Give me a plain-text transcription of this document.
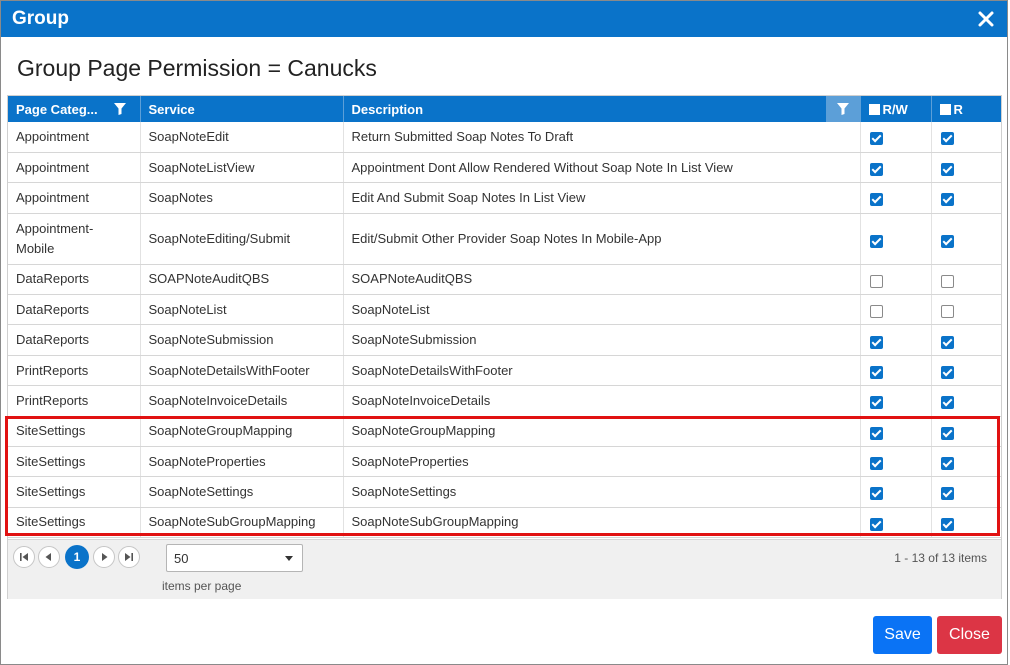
Group
Group Page Permission = Canucks
Page Categ...	Service	Description	R/W	R
Appointment	SoapNoteEdit	Return Submitted Soap Notes To Draft		
Appointment	SoapNoteListView	Appointment Dont Allow Rendered Without Soap Note In List View		
Appointment	SoapNotes	Edit And Submit Soap Notes In List View		
Appointment-Mobile	SoapNoteEditing/Submit	Edit/Submit Other Provider Soap Notes In Mobile-App		
DataReports	SOAPNoteAuditQBS	SOAPNoteAuditQBS		
DataReports	SoapNoteList	SoapNoteList		
DataReports	SoapNoteSubmission	SoapNoteSubmission		
PrintReports	SoapNoteDetailsWithFooter	SoapNoteDetailsWithFooter		
PrintReports	SoapNoteInvoiceDetails	SoapNoteInvoiceDetails		
SiteSettings	SoapNoteGroupMapping	SoapNoteGroupMapping		
SiteSettings	SoapNoteProperties	SoapNoteProperties		
SiteSettings	SoapNoteSettings	SoapNoteSettings		
SiteSettings	SoapNoteSubGroupMapping	SoapNoteSubGroupMapping		
1	50
items per page
1 - 13 of 13 items
Save	Close
